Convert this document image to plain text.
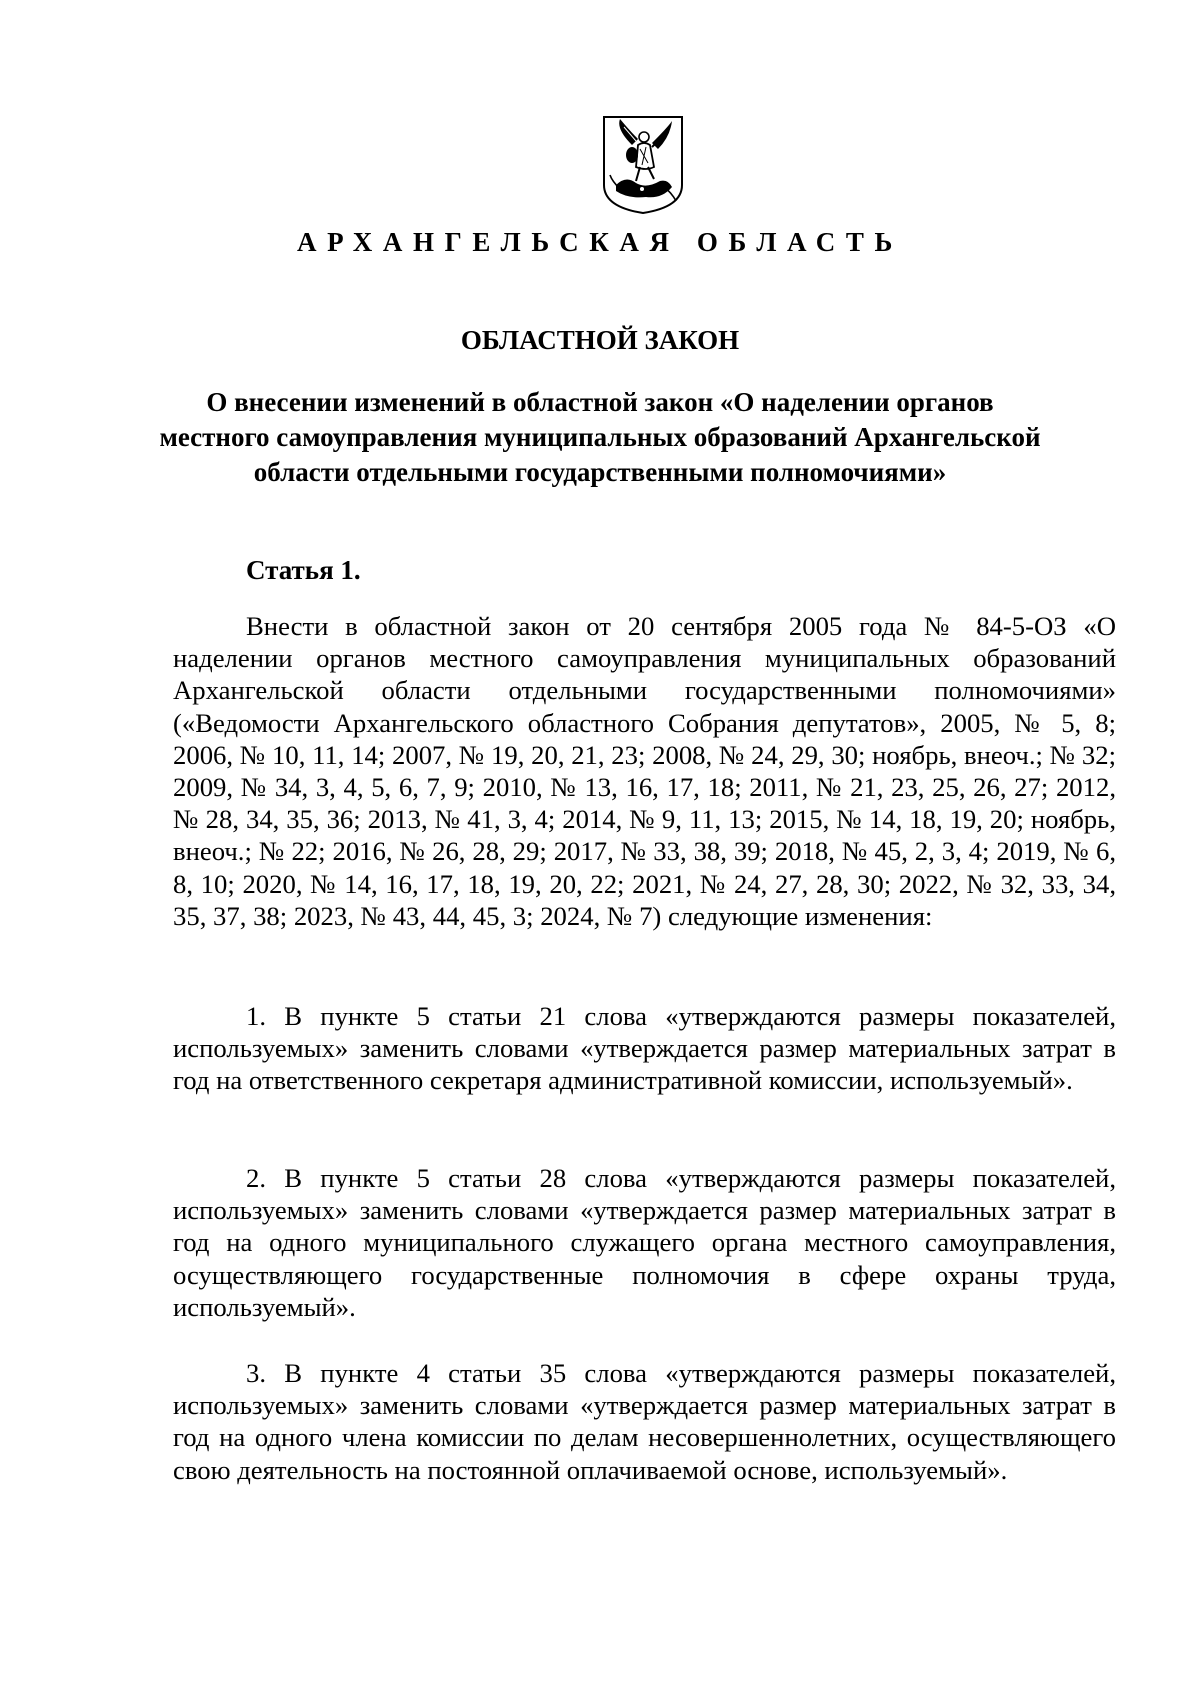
АРХАНГЕЛЬСКАЯ ОБЛАСТЬ
ОБЛАСТНОЙ ЗАКОН
О внесении изменений в областной закон «О наделении органов местного самоуправления муниципальных образований Архангельской области отдельными государственными полномочиями»
Статья 1.

Внести в областной закон от 20 сентября 2005 года № 84-5-ОЗ «О наделении органов местного самоуправления муниципальных образований Архангельской области отдельными государственными полномочиями» («Ведомости Архангельского областного Собрания депутатов», 2005, № 5, 8; 2006, № 10, 11, 14; 2007, № 19, 20, 21, 23; 2008, № 24, 29, 30; ноябрь, внеоч.; № 32; 2009, № 34, 3, 4, 5, 6, 7, 9; 2010, № 13, 16, 17, 18; 2011, № 21, 23, 25, 26, 27; 2012, № 28, 34, 35, 36; 2013, № 41, 3, 4; 2014, № 9, 11, 13; 2015, № 14, 18, 19, 20; ноябрь, внеоч.; № 22; 2016, № 26, 28, 29; 2017, № 33, 38, 39; 2018, № 45, 2, 3, 4; 2019, № 6, 8, 10; 2020, № 14, 16, 17, 18, 19, 20, 22; 2021, № 24, 27, 28, 30; 2022, № 32, 33, 34, 35, 37, 38; 2023, № 43, 44, 45, 3; 2024, № 7) следующие изменения:

1. В пункте 5 статьи 21 слова «утверждаются размеры показателей, используемых» заменить словами «утверждается размер материальных затрат в год на ответственного секретаря административной комиссии, используемый».

2. В пункте 5 статьи 28 слова «утверждаются размеры показателей, используемых» заменить словами «утверждается размер материальных затрат в год на одного муниципального служащего органа местного самоуправления, осуществляющего государственные полномочия в сфере охраны труда, используемый».

3. В пункте 4 статьи 35 слова «утверждаются размеры показателей, используемых» заменить словами «утверждается размер материальных затрат в год на одного члена комиссии по делам несовершеннолетних, осуществляющего свою деятельность на постоянной оплачиваемой основе, используемый».
